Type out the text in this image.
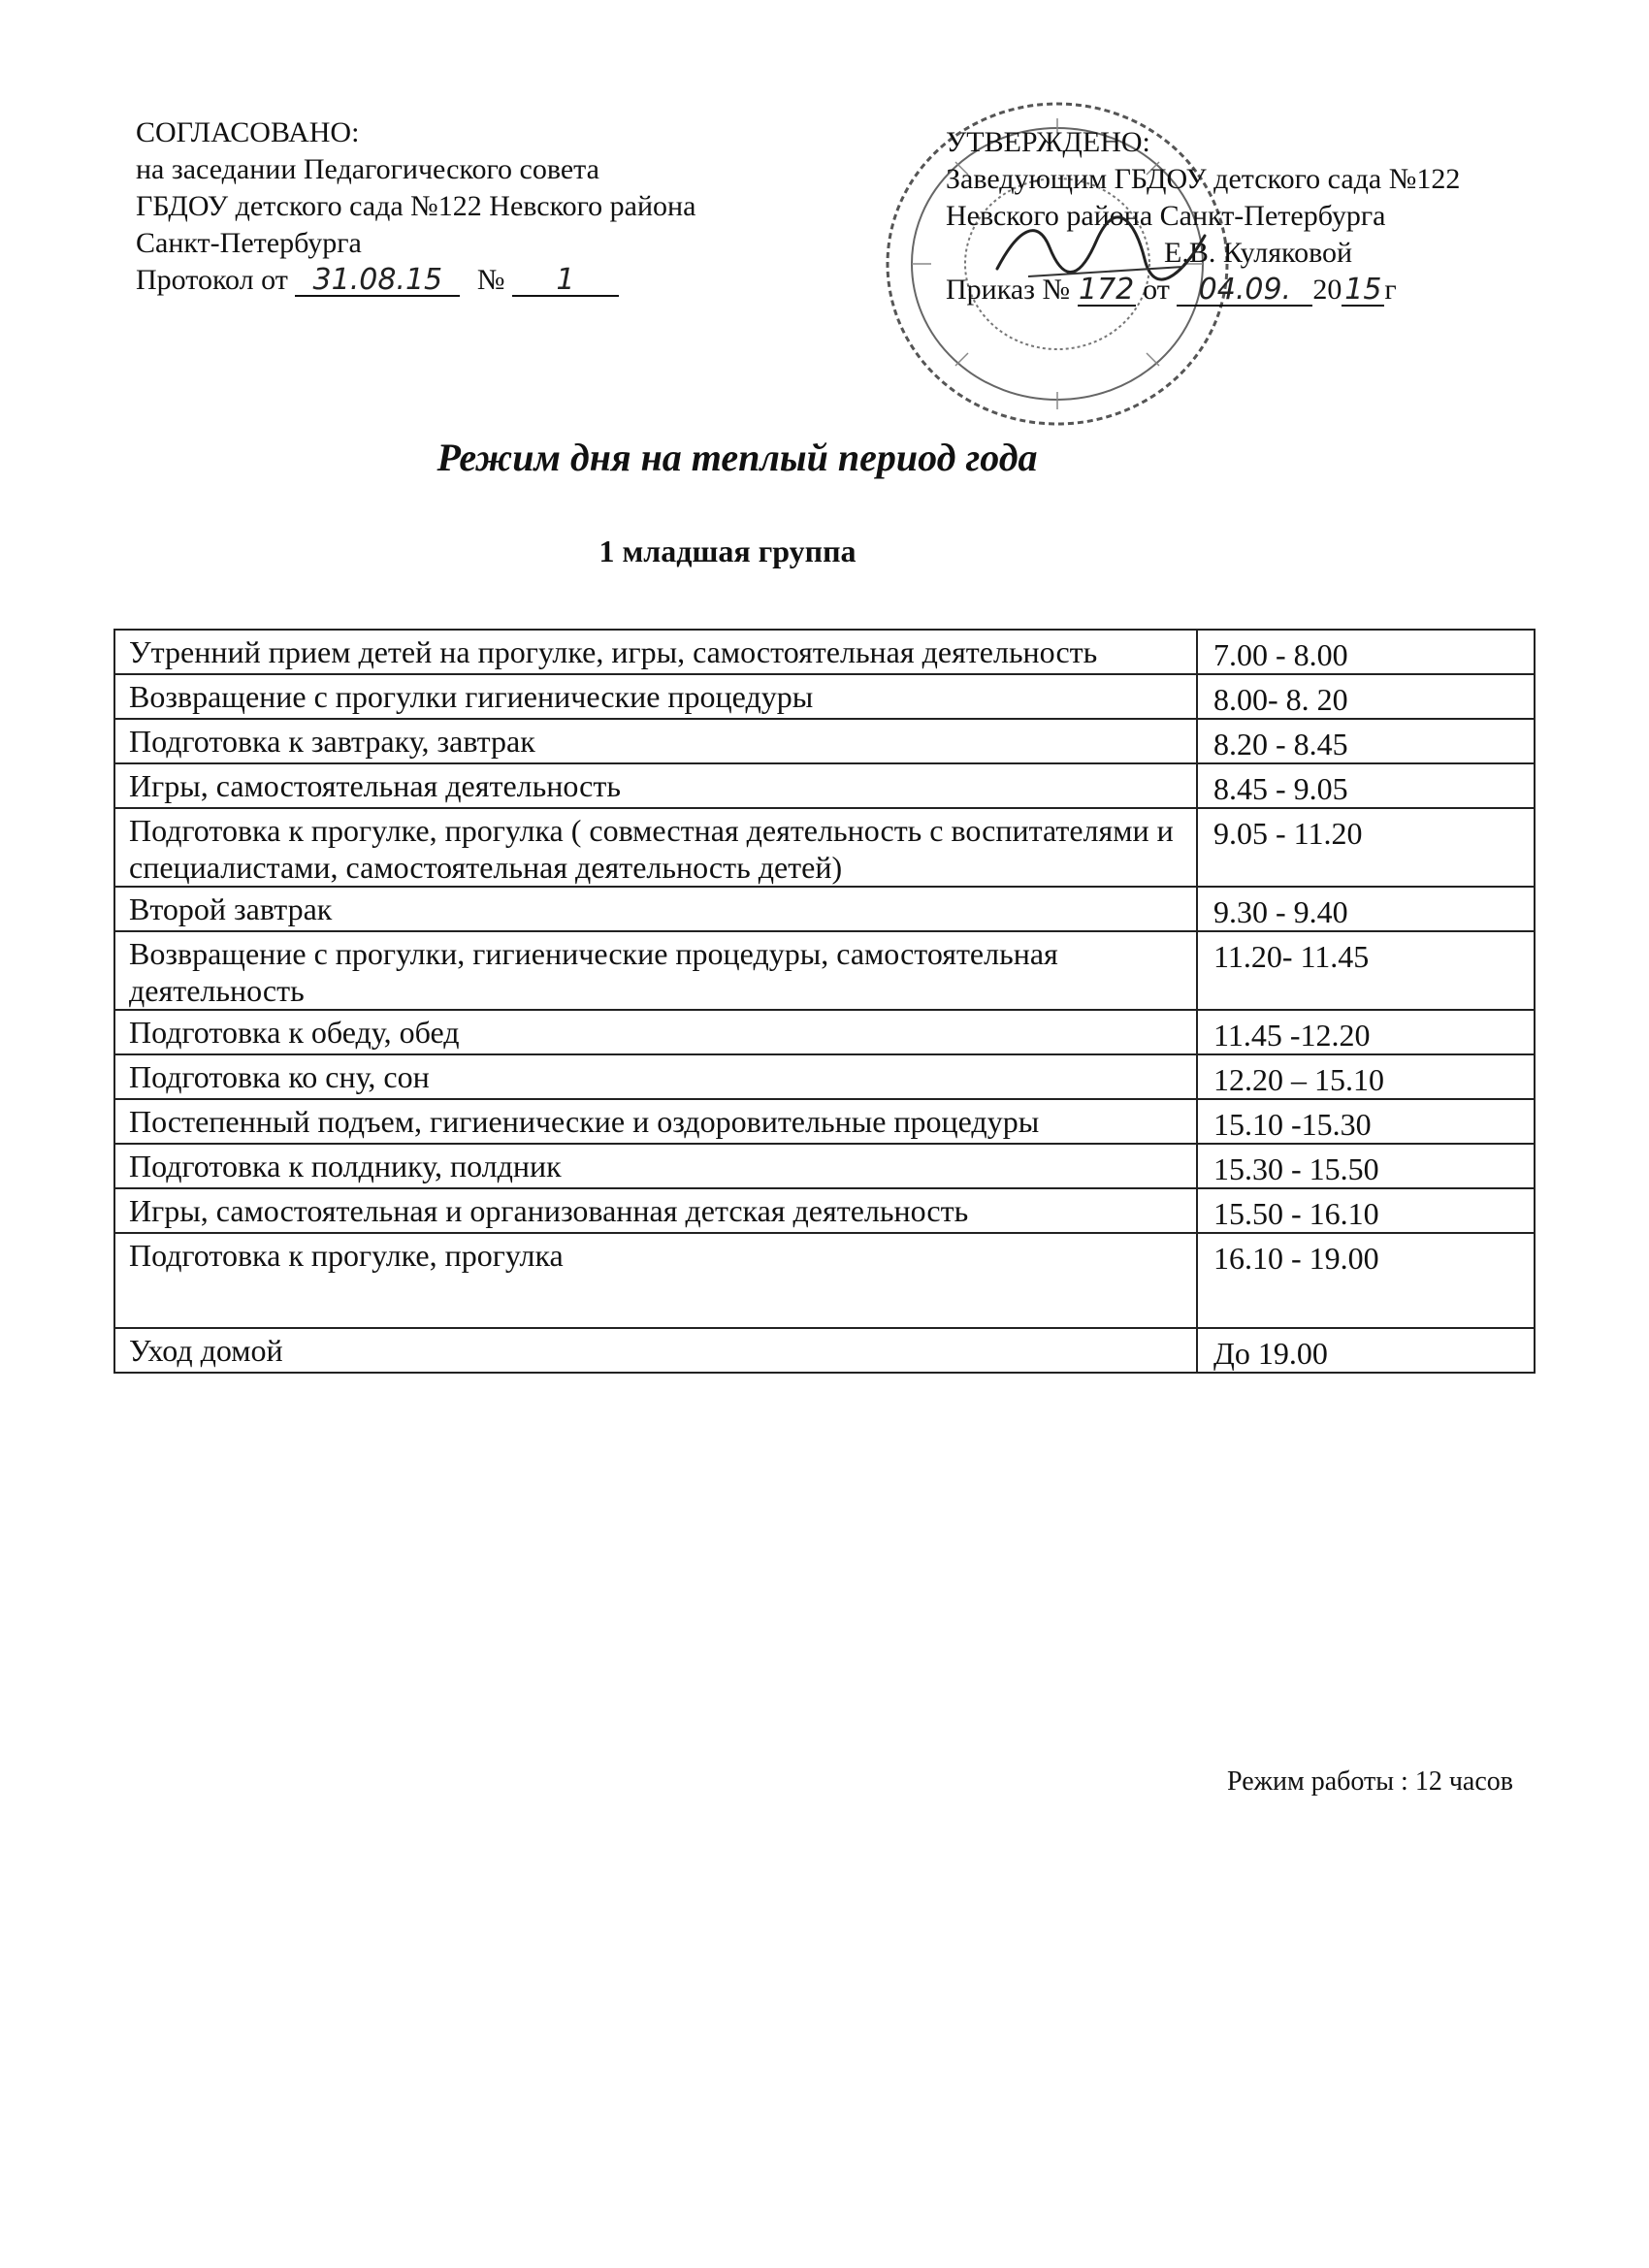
СОГЛАСОВАНО:
на заседании Педагогического совета
ГБДОУ детского сада №122 Невского района
Санкт-Петербурга
Протокол от 31.08.15 № 1
УТВЕРЖДЕНО:
Заведующим ГБДОУ детского сада №122
Невского района Санкт-Петербурга
Е.В. Куляковой
Приказ № 172 от 04.09. 2015г
Режим дня на теплый период года
1 младшая группа
Утренний прием детей на прогулке, игры, самостоятельная деятельность	7.00 - 8.00
Возвращение с прогулки гигиенические процедуры	8.00- 8. 20
Подготовка к завтраку, завтрак	8.20 - 8.45
Игры, самостоятельная деятельность	8.45 - 9.05
Подготовка к прогулке, прогулка ( совместная деятельность с воспитателями и специалистами, самостоятельная деятельность детей)	9.05 - 11.20
Второй завтрак	9.30 - 9.40
Возвращение с прогулки, гигиенические процедуры, самостоятельная деятельность	11.20- 11.45
Подготовка к обеду, обед	11.45 -12.20
Подготовка ко сну, сон	12.20 – 15.10
Постепенный подъем, гигиенические и оздоровительные процедуры	15.10 -15.30
Подготовка к полднику, полдник	15.30 - 15.50
Игры, самостоятельная и организованная детская деятельность	15.50 - 16.10
Подготовка к прогулке, прогулка	16.10 - 19.00
Уход домой	До 19.00
Режим работы : 12 часов
